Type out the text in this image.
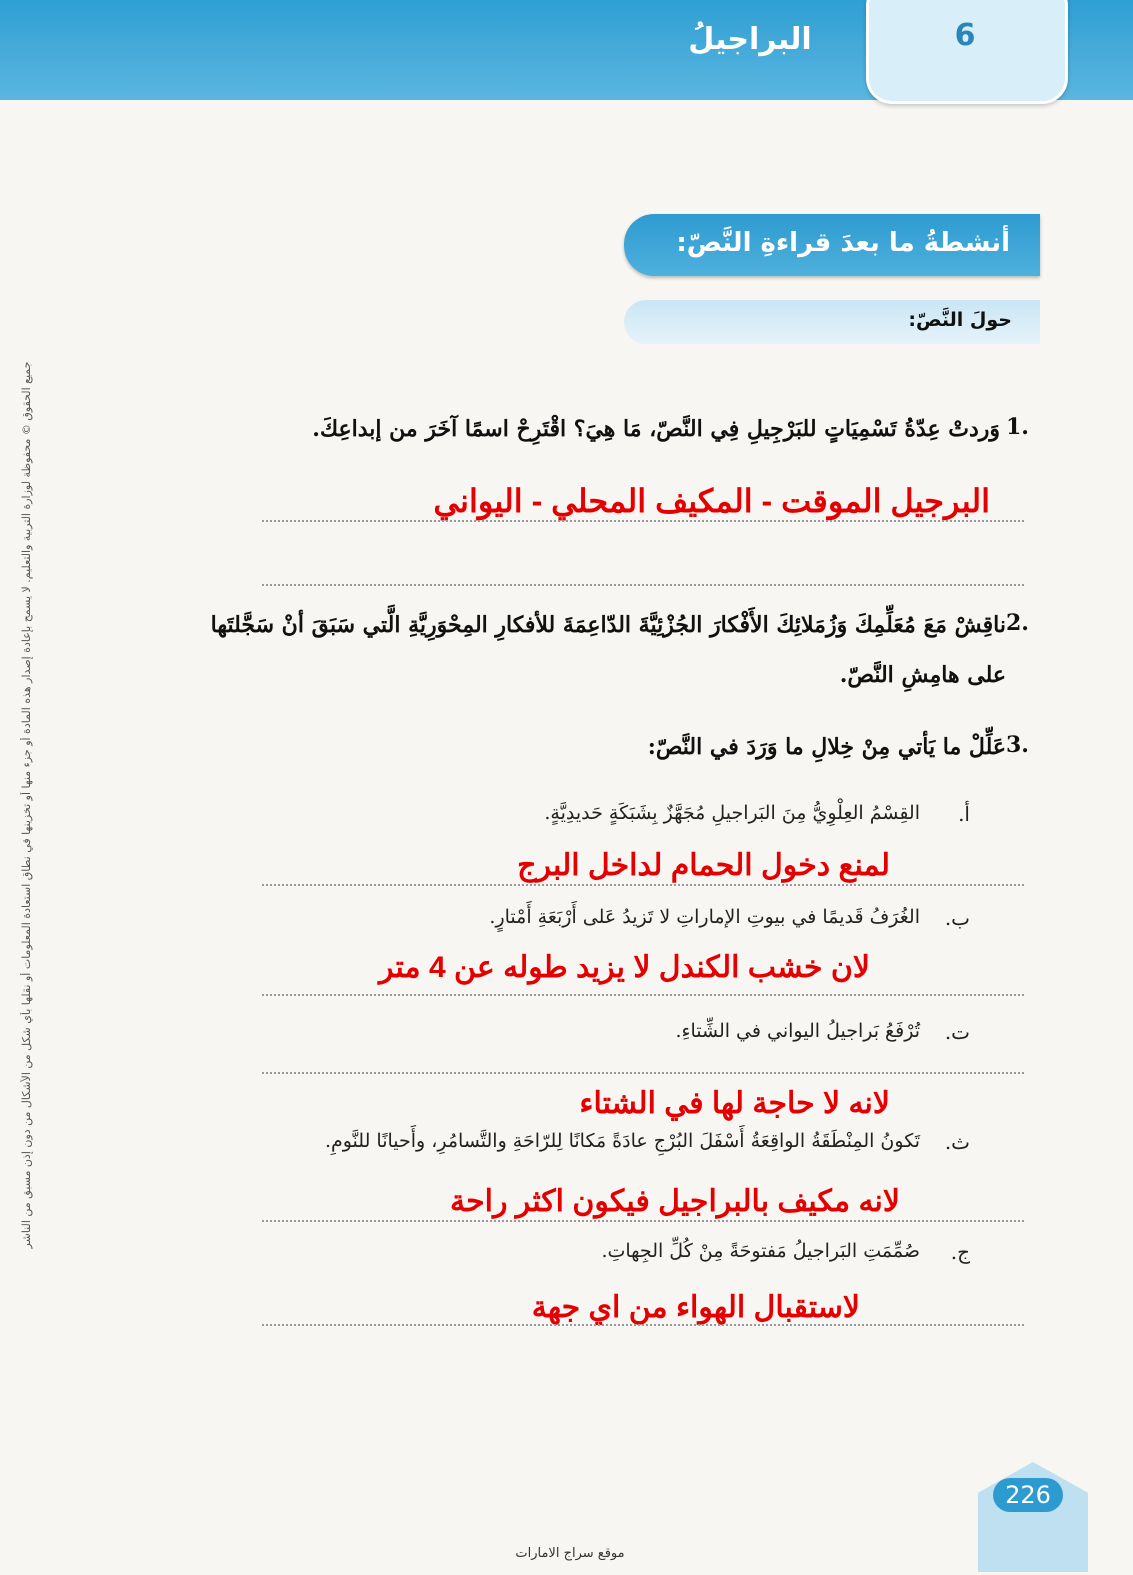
6
البراجيلُ
جميع الحقوق © محفوظة لوزارة التربية والتعليم. لا يسمح بإعادة إصدار هذه المادة أو جزء منها أو تخزينها في نطاق استعادة المعلومات أو نقلها بأي شكل من الأشكال من دون إذن مسبق من الناشر
أنشطةُ ما بعدَ قراءةِ النَّصّ:
حولَ النَّصّ:
وَردتْ عِدّةُ تَسْمِيَاتٍ للبَرْجِيلِ فِي النَّصّ، مَا هِيَ؟ اقْتَرِحْ اسمًا آخَرَ من إبداعِكَ. 1.
البرجيل الموقت - المكيف المحلي - اليواني
ناقِشْ مَعَ مُعَلِّمِكَ وَزُمَلائِكَ الأَفْكارَ الجُزْئِيَّةَ الدّاعِمَةَ للأفكارِ المِحْوَرِيَّةِ الَّتي سَبَقَ أنْ سَجَّلتَها 2.
على هامِشِ النَّصّ.
عَلِّلْ ما يَأتي مِنْ خِلالِ ما وَرَدَ في النَّصّ: 3.
أ.
القِسْمُ العِلْوِيُّ مِنَ البَراجيلِ مُجَهَّزٌ بِشَبَكَةٍ حَديدِيَّةٍ.
لمنع دخول الحمام لداخل البرج
ب.
الغُرَفُ قَديمًا في بيوتِ الإماراتِ لا تَزيدُ عَلى أَرْبَعَةِ أَمْتارٍ.
لان خشب الكندل لا يزيد طوله عن 4 متر
ت.
تُرْفَعُ بَراجيلُ اليواني في الشِّتاءِ.
لانه لا حاجة لها في الشتاء
ث.
تَكونُ المِنْطَقَةُ الواقِعَةُ أَسْفَلَ البُرْجِ عادَةً مَكانًا لِلرّاحَةِ والتَّسامُرِ، وأَحيانًا للنَّومِ.
لانه مكيف بالبراجيل فيكون اكثر راحة
ج.
صُمِّمَتِ البَراجيلُ مَفتوحَةً مِنْ كُلِّ الجِهاتِ.
لاستقبال الهواء من اي جهة
226
موقع سراج الامارات
